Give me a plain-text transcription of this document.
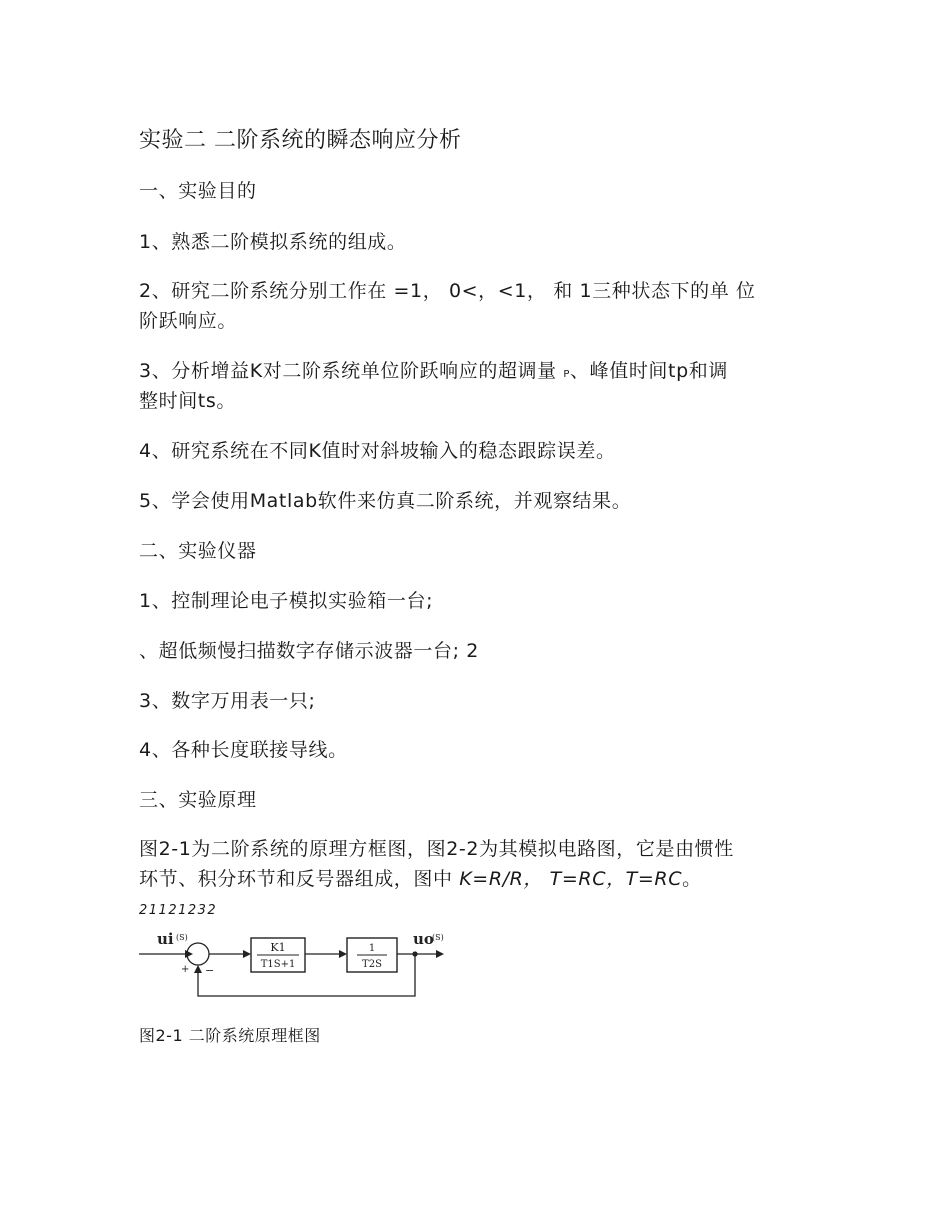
实验二 二阶系统的瞬态响应分析
一、实验目的
1、熟悉二阶模拟系统的组成。
2、研究二阶系统分别工作在 =1， 0<，<1， 和 1三种状态下的单 位
阶跃响应。
3、分析增益K对二阶系统单位阶跃响应的超调量 P、峰值时间tp和调
整时间ts。
4、研究系统在不同K值时对斜坡输入的稳态跟踪误差。
5、学会使用Matlab软件来仿真二阶系统，并观察结果。
二、实验仪器
1、控制理论电子模拟实验箱一台;
、超低频慢扫描数字存储示波器一台; 2
3、数字万用表一只;
4、各种长度联接导线。
三、实验原理
图2-1为二阶系统的原理方框图，图2-2为其模拟电路图，它是由惯性
环节、积分环节和反号器组成，图中 K=R/R， T=RC，T=RC。
21121232
ui (S)
+ −
K1
T1S+1
1
T2S
uo
(S)
图2-1 二阶系统原理框图
